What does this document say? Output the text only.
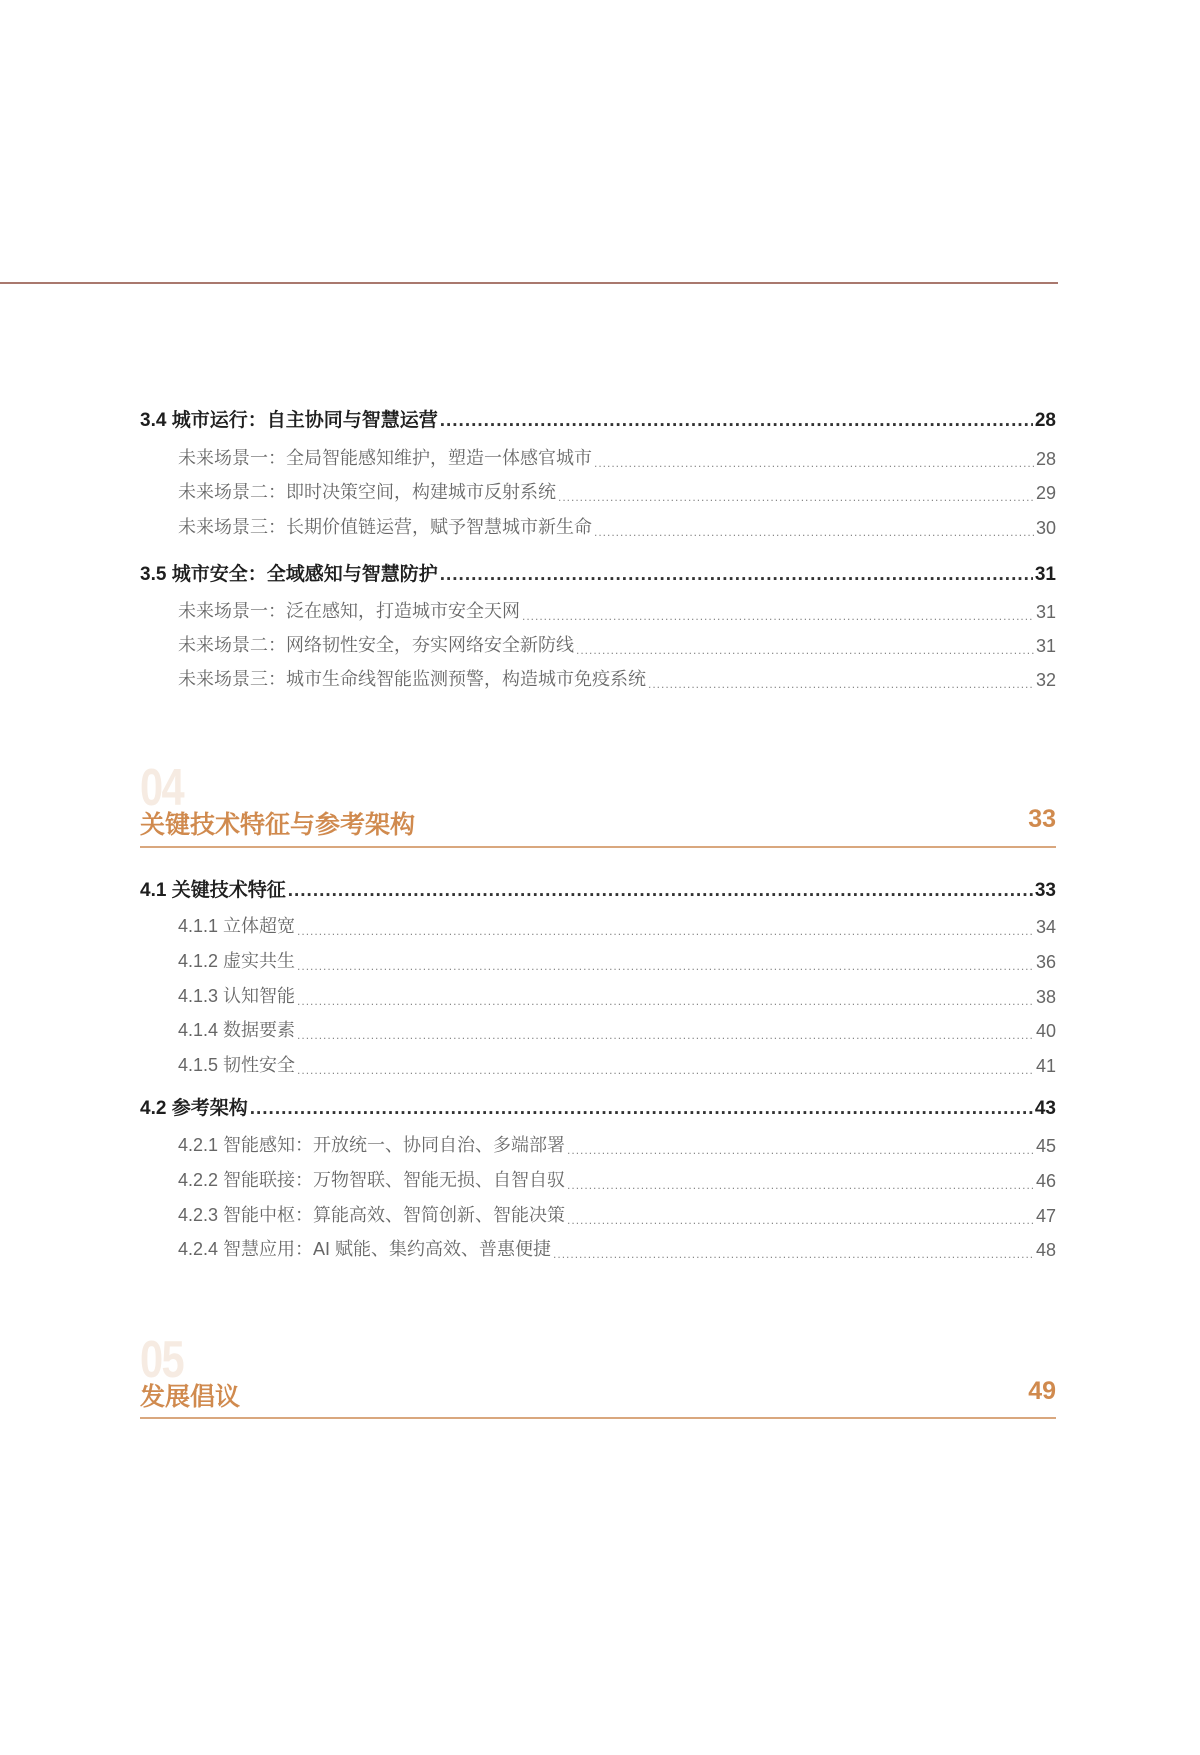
3.4 城市运行：自主协同与智慧运营 .....	28
未来场景一：全局智能感知维护，塑造一体感官城市 .....	28
未来场景二：即时决策空间，构建城市反射系统 .....	29
未来场景三：长期价值链运营，赋予智慧城市新生命 .....	30
3.5 城市安全：全域感知与智慧防护 .....	31
未来场景一：泛在感知，打造城市安全天网 .....	31
未来场景二：网络韧性安全，夯实网络安全新防线 .....	31
未来场景三：城市生命线智能监测预警，构造城市免疫系统 .....	32
04
关键技术特征与参考架构	33
4.1 关键技术特征 .....	33
4.1.1 立体超宽 .....	34
4.1.2 虚实共生 .....	36
4.1.3 认知智能 .....	38
4.1.4 数据要素 .....	40
4.1.5 韧性安全 .....	41
4.2 参考架构 .....	43
4.2.1 智能感知：开放统一、协同自治、多端部署 .....	45
4.2.2 智能联接：万物智联、智能无损、自智自驭 .....	46
4.2.3 智能中枢：算能高效、智简创新、智能决策 .....	47
4.2.4 智慧应用：AI 赋能、集约高效、普惠便捷 .....	48
05
发展倡议	49
